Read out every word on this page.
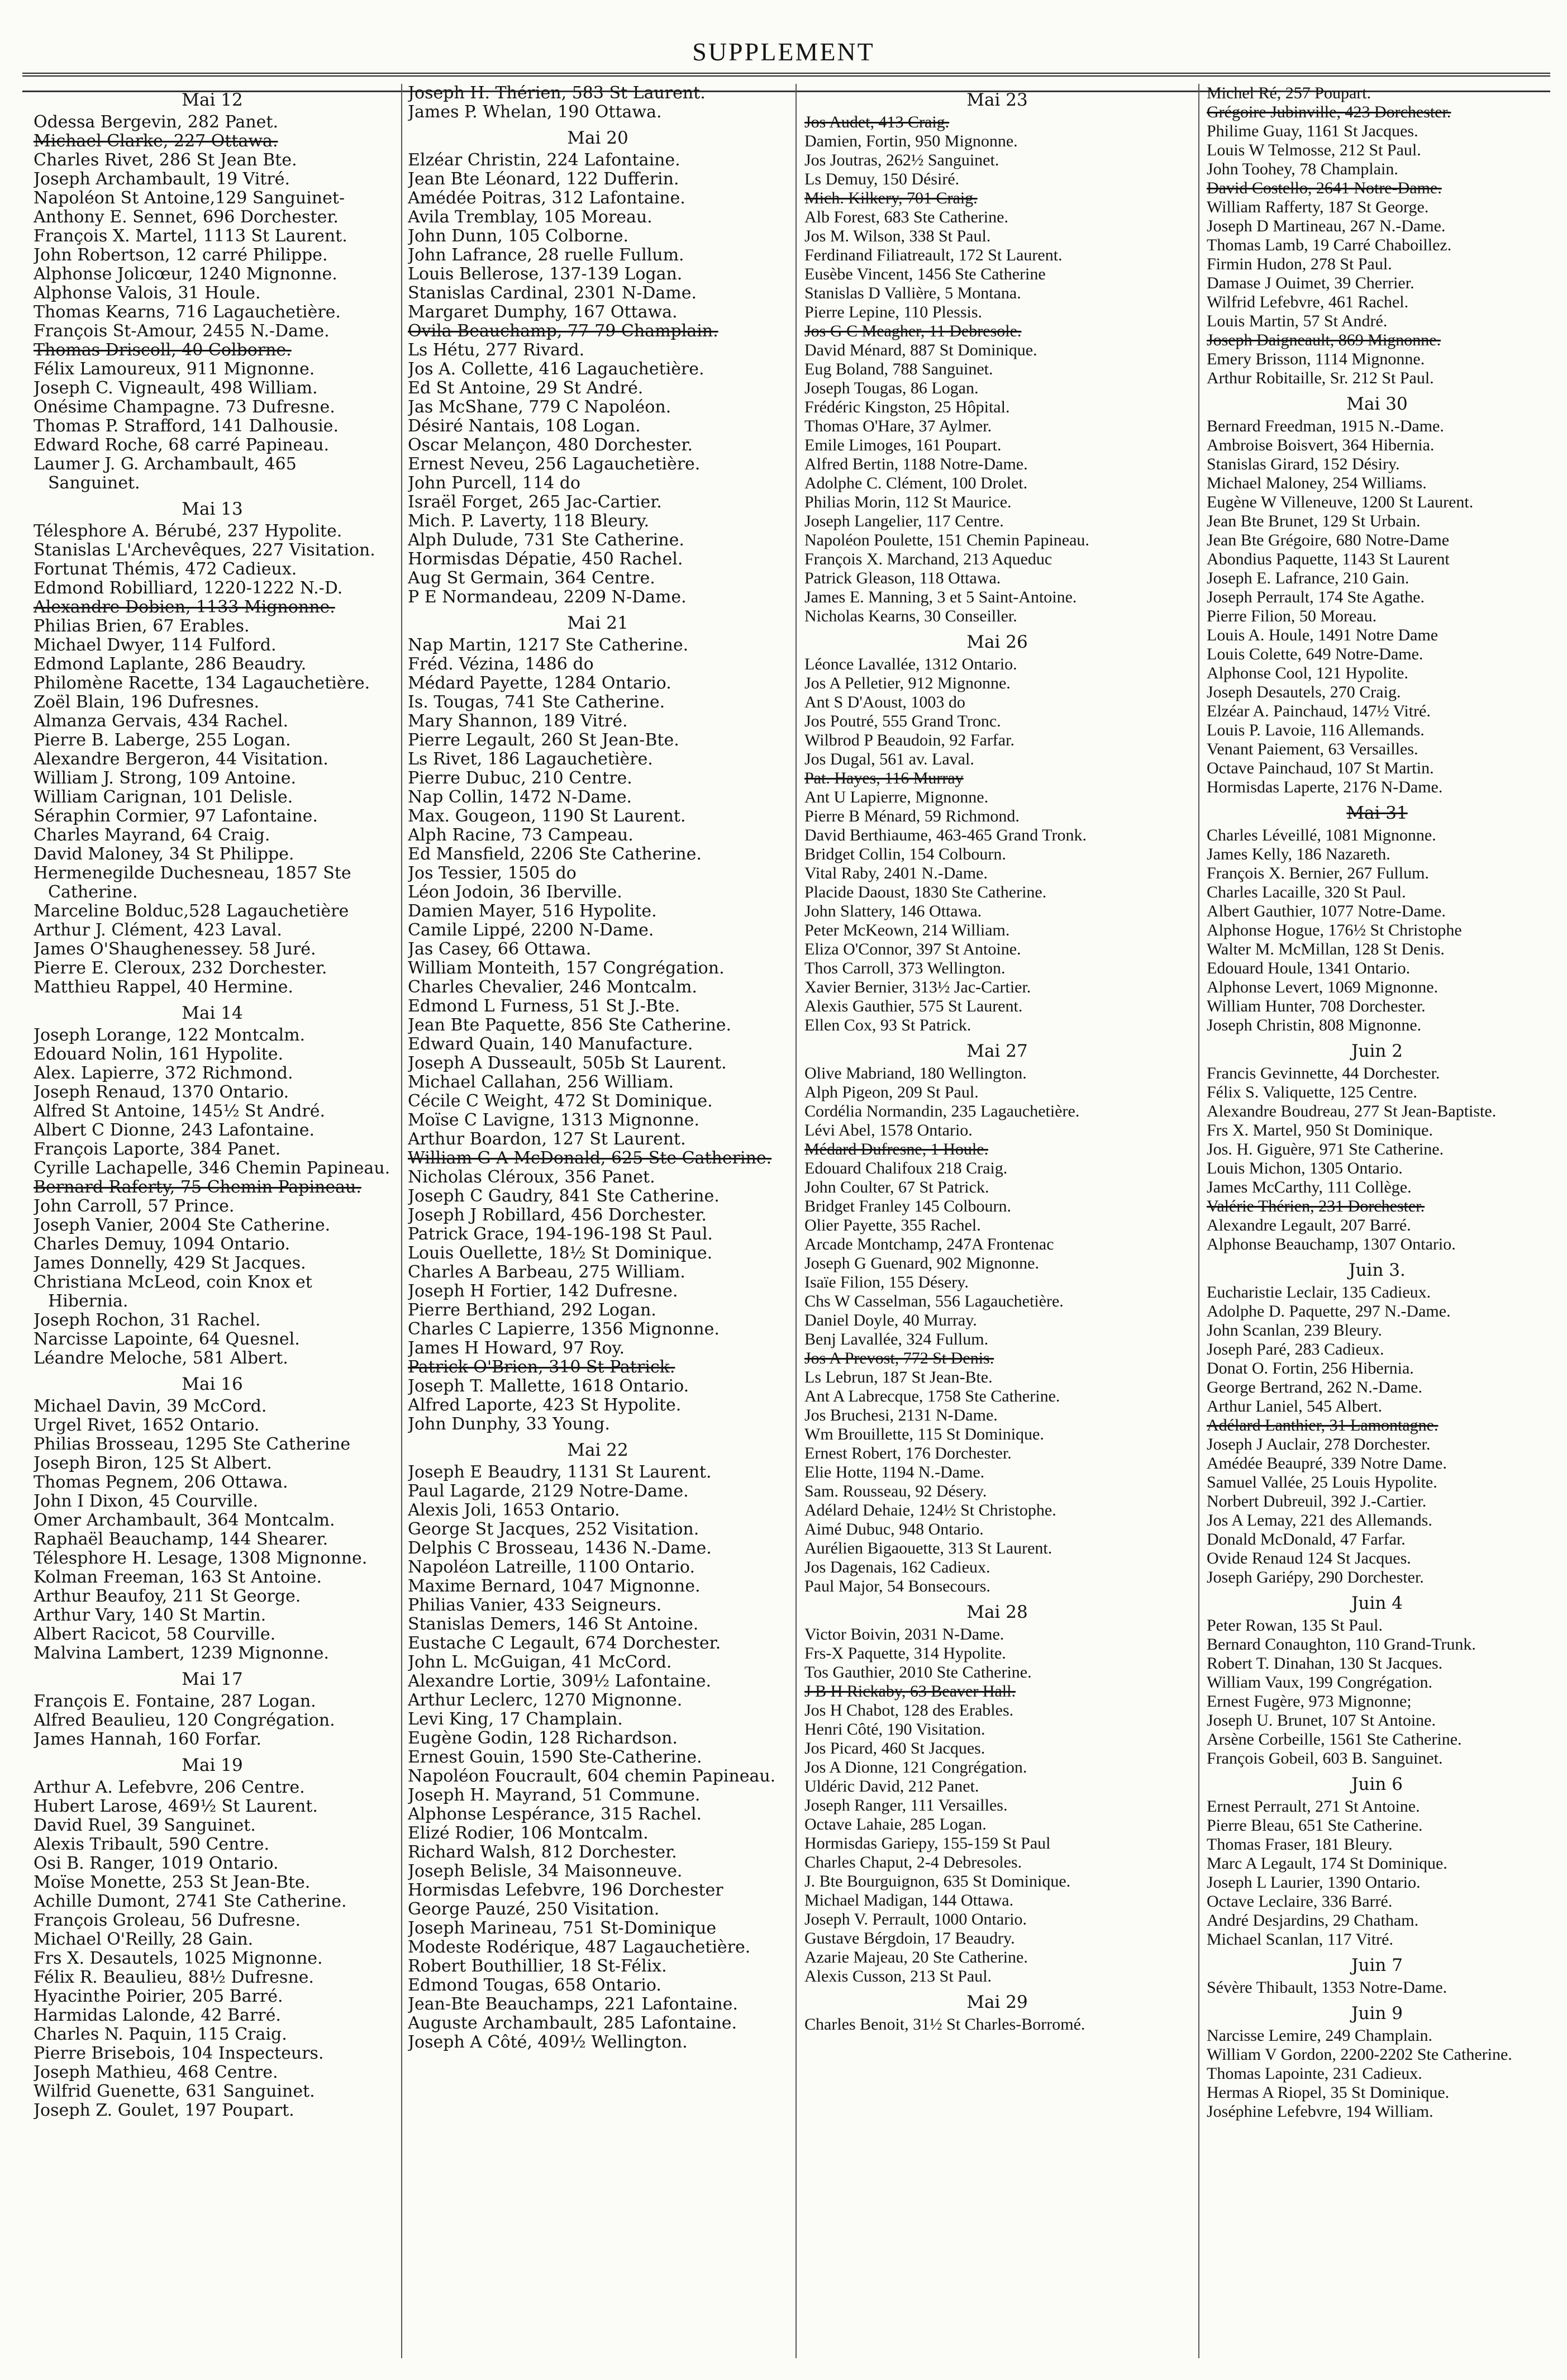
SUPPLEMENT
Mai 12
Odessa Bergevin, 282 Panet.
Michael Clarke, 227 Ottawa.
Charles Rivet, 286 St Jean Bte.
Joseph Archambault, 19 Vitré.
Napoléon St Antoine,129 Sanguinet-
Anthony E. Sennet, 696 Dorchester.
François X. Martel, 1113 St Laurent.
John Robertson, 12 carré Philippe.
Alphonse Jolicœur, 1240 Mignonne.
Alphonse Valois, 31 Houle.
Thomas Kearns, 716 Lagauchetière.
François St-Amour, 2455 N.-Dame.
Thomas Driscoll, 40 Colborne.
Félix Lamoureux, 911 Mignonne.
Joseph C. Vigneault, 498 William.
Onésime Champagne. 73 Dufresne.
Thomas P. Strafford, 141 Dalhousie.
Edward Roche, 68 carré Papineau.
Laumer J. G. Archambault, 465 Sanguinet.
Mai 13
Télesphore A. Bérubé, 237 Hypolite.
Stanislas L'Archevêques, 227 Visitation.
Fortunat Thémis, 472 Cadieux.
Edmond Robilliard, 1220-1222 N.-D.
Alexandre Dobien, 1133 Mignonne.
Philias Brien, 67 Erables.
Michael Dwyer, 114 Fulford.
Edmond Laplante, 286 Beaudry.
Philomène Racette, 134 Lagauchetière.
Zoël Blain, 196 Dufresnes.
Almanza Gervais, 434 Rachel.
Pierre B. Laberge, 255 Logan.
Alexandre Bergeron, 44 Visitation.
William J. Strong, 109 Antoine.
William Carignan, 101 Delisle.
Séraphin Cormier, 97 Lafontaine.
Charles Mayrand, 64 Craig.
David Maloney, 34 St Philippe.
Hermenegilde Duchesneau, 1857 Ste Catherine.
Marceline Bolduc,528 Lagauchetière
Arthur J. Clément, 423 Laval.
James O'Shaughenessey. 58 Juré.
Pierre E. Cleroux, 232 Dorchester.
Matthieu Rappel, 40 Hermine.
Mai 14
Joseph Lorange, 122 Montcalm.
Edouard Nolin, 161 Hypolite.
Alex. Lapierre, 372 Richmond.
Joseph Renaud, 1370 Ontario.
Alfred St Antoine, 145½ St André.
Albert C Dionne, 243 Lafontaine.
François Laporte, 384 Panet.
Cyrille Lachapelle, 346 Chemin Papineau.
Bernard Raferty, 75 Chemin Papineau.
John Carroll, 57 Prince.
Joseph Vanier, 2004 Ste Catherine.
Charles Demuy, 1094 Ontario.
James Donnelly, 429 St Jacques.
Christiana McLeod, coin Knox et Hibernia.
Joseph Rochon, 31 Rachel.
Narcisse Lapointe, 64 Quesnel.
Léandre Meloche, 581 Albert.
Mai 16
Michael Davin, 39 McCord.
Urgel Rivet, 1652 Ontario.
Philias Brosseau, 1295 Ste Catherine
Joseph Biron, 125 St Albert.
Thomas Pegnem, 206 Ottawa.
John I Dixon, 45 Courville.
Omer Archambault, 364 Montcalm.
Raphaël Beauchamp, 144 Shearer.
Télesphore H. Lesage, 1308 Mignonne.
Kolman Freeman, 163 St Antoine.
Arthur Beaufoy, 211 St George.
Arthur Vary, 140 St Martin.
Albert Racicot, 58 Courville.
Malvina Lambert, 1239 Mignonne.
Mai 17
François E. Fontaine, 287 Logan.
Alfred Beaulieu, 120 Congrégation.
James Hannah, 160 Forfar.
Mai 19
Arthur A. Lefebvre, 206 Centre.
Hubert Larose, 469½ St Laurent.
David Ruel, 39 Sanguinet.
Alexis Tribault, 590 Centre.
Osi B. Ranger, 1019 Ontario.
Moïse Monette, 253 St Jean-Bte.
Achille Dumont, 2741 Ste Catherine.
François Groleau, 56 Dufresne.
Michael O'Reilly, 28 Gain.
Frs X. Desautels, 1025 Mignonne.
Félix R. Beaulieu, 88½ Dufresne.
Hyacinthe Poirier, 205 Barré.
Harmidas Lalonde, 42 Barré.
Charles N. Paquin, 115 Craig.
Pierre Brisebois, 104 Inspecteurs.
Joseph Mathieu, 468 Centre.
Wilfrid Guenette, 631 Sanguinet.
Joseph Z. Goulet, 197 Poupart.
Joseph H. Thérien, 583 St Laurent.
James P. Whelan, 190 Ottawa.
Mai 20
Elzéar Christin, 224 Lafontaine.
Jean Bte Léonard, 122 Dufferin.
Amédée Poitras, 312 Lafontaine.
Avila Tremblay, 105 Moreau.
John Dunn, 105 Colborne.
John Lafrance, 28 ruelle Fullum.
Louis Bellerose, 137-139 Logan.
Stanislas Cardinal, 2301 N-Dame.
Margaret Dumphy, 167 Ottawa.
Ovila Beauchamp, 77-79 Champlain.
Ls Hétu, 277 Rivard.
Jos A. Collette, 416 Lagauchetière.
Ed St Antoine, 29 St André.
Jas McShane, 779 C Napoléon.
Désiré Nantais, 108 Logan.
Oscar Melançon, 480 Dorchester.
Ernest Neveu, 256 Lagauchetière.
John Purcell, 114 do
Israël Forget, 265 Jac-Cartier.
Mich. P. Laverty, 118 Bleury.
Alph Dulude, 731 Ste Catherine.
Hormisdas Dépatie, 450 Rachel.
Aug St Germain, 364 Centre.
P E Normandeau, 2209 N-Dame.
Mai 21
Nap Martin, 1217 Ste Catherine.
Fréd. Vézina, 1486 do
Médard Payette, 1284 Ontario.
Is. Tougas, 741 Ste Catherine.
Mary Shannon, 189 Vitré.
Pierre Legault, 260 St Jean-Bte.
Ls Rivet, 186 Lagauchetière.
Pierre Dubuc, 210 Centre.
Nap Collin, 1472 N-Dame.
Max. Gougeon, 1190 St Laurent.
Alph Racine, 73 Campeau.
Ed Mansfield, 2206 Ste Catherine.
Jos Tessier, 1505 do
Léon Jodoin, 36 Iberville.
Damien Mayer, 516 Hypolite.
Camile Lippé, 2200 N-Dame.
Jas Casey, 66 Ottawa.
William Monteith, 157 Congrégation.
Charles Chevalier, 246 Montcalm.
Edmond L Furness, 51 St J.-Bte.
Jean Bte Paquette, 856 Ste Catherine.
Edward Quain, 140 Manufacture.
Joseph A Dusseault, 505b St Laurent.
Michael Callahan, 256 William.
Cécile C Weight, 472 St Dominique.
Moïse C Lavigne, 1313 Mignonne.
Arthur Boardon, 127 St Laurent.
William G A McDonald, 625 Ste Catherine.
Nicholas Cléroux, 356 Panet.
Joseph C Gaudry, 841 Ste Catherine.
Joseph J Robillard, 456 Dorchester.
Patrick Grace, 194-196-198 St Paul.
Louis Ouellette, 18½ St Dominique.
Charles A Barbeau, 275 William.
Joseph H Fortier, 142 Dufresne.
Pierre Berthiand, 292 Logan.
Charles C Lapierre, 1356 Mignonne.
James H Howard, 97 Roy.
Patrick O'Brien, 310 St Patrick.
Joseph T. Mallette, 1618 Ontario.
Alfred Laporte, 423 St Hypolite.
John Dunphy, 33 Young.
Mai 22
Joseph E Beaudry, 1131 St Laurent.
Paul Lagarde, 2129 Notre-Dame.
Alexis Joli, 1653 Ontario.
George St Jacques, 252 Visitation.
Delphis C Brosseau, 1436 N.-Dame.
Napoléon Latreille, 1100 Ontario.
Maxime Bernard, 1047 Mignonne.
Philias Vanier, 433 Seigneurs.
Stanislas Demers, 146 St Antoine.
Eustache C Legault, 674 Dorchester.
John L. McGuigan, 41 McCord.
Alexandre Lortie, 309½ Lafontaine.
Arthur Leclerc, 1270 Mignonne.
Levi King, 17 Champlain.
Eugène Godin, 128 Richardson.
Ernest Gouin, 1590 Ste-Catherine.
Napoléon Foucrault, 604 chemin Papineau.
Joseph H. Mayrand, 51 Commune.
Alphonse Lespérance, 315 Rachel.
Elizé Rodier, 106 Montcalm.
Richard Walsh, 812 Dorchester.
Joseph Belisle, 34 Maisonneuve.
Hormisdas Lefebvre, 196 Dorchester
George Pauzé, 250 Visitation.
Joseph Marineau, 751 St-Dominique
Modeste Rodérique, 487 Lagauchetière.
Robert Bouthillier, 18 St-Félix.
Edmond Tougas, 658 Ontario.
Jean-Bte Beauchamps, 221 Lafontaine.
Auguste Archambault, 285 Lafontaine.
Joseph A Côté, 409½ Wellington.
Mai 23
Jos Audet, 413 Craig.
Damien, Fortin, 950 Mignonne.
Jos Joutras, 262½ Sanguinet.
Ls Demuy, 150 Désiré.
Mich. Kilkery, 701 Craig.
Alb Forest, 683 Ste Catherine.
Jos M. Wilson, 338 St Paul.
Ferdinand Filiatreault, 172 St Laurent.
Eusèbe Vincent, 1456 Ste Catherine
Stanislas D Vallière, 5 Montana.
Pierre Lepine, 110 Plessis.
Jos G C Meagher, 11 Debresole.
David Ménard, 887 St Dominique.
Eug Boland, 788 Sanguinet.
Joseph Tougas, 86 Logan.
Frédéric Kingston, 25 Hôpital.
Thomas O'Hare, 37 Aylmer.
Emile Limoges, 161 Poupart.
Alfred Bertin, 1188 Notre-Dame.
Adolphe C. Clément, 100 Drolet.
Philias Morin, 112 St Maurice.
Joseph Langelier, 117 Centre.
Napoléon Poulette, 151 Chemin Papineau.
François X. Marchand, 213 Aqueduc
Patrick Gleason, 118 Ottawa.
James E. Manning, 3 et 5 Saint-Antoine.
Nicholas Kearns, 30 Conseiller.
Mai 26
Léonce Lavallée, 1312 Ontario.
Jos A Pelletier, 912 Mignonne.
Ant S D'Aoust, 1003 do
Jos Poutré, 555 Grand Tronc.
Wilbrod P Beaudoin, 92 Farfar.
Jos Dugal, 561 av. Laval.
Pat. Hayes, 116 Murray
Ant U Lapierre, Mignonne.
Pierre B Ménard, 59 Richmond.
David Berthiaume, 463-465 Grand Tronk.
Bridget Collin, 154 Colbourn.
Vital Raby, 2401 N.-Dame.
Placide Daoust, 1830 Ste Catherine.
John Slattery, 146 Ottawa.
Peter McKeown, 214 William.
Eliza O'Connor, 397 St Antoine.
Thos Carroll, 373 Wellington.
Xavier Bernier, 313½ Jac-Cartier.
Alexis Gauthier, 575 St Laurent.
Ellen Cox, 93 St Patrick.
Mai 27
Olive Mabriand, 180 Wellington.
Alph Pigeon, 209 St Paul.
Cordélia Normandin, 235 Lagauchetière.
Lévi Abel, 1578 Ontario.
Médard Dufresne, 1 Houle.
Edouard Chalifoux 218 Craig.
John Coulter, 67 St Patrick.
Bridget Franley 145 Colbourn.
Olier Payette, 355 Rachel.
Arcade Montchamp, 247A Frontenac
Joseph G Guenard, 902 Mignonne.
Isaïe Filion, 155 Désery.
Chs W Casselman, 556 Lagauchetière.
Daniel Doyle, 40 Murray.
Benj Lavallée, 324 Fullum.
Jos A Prevost, 772 St Denis.
Ls Lebrun, 187 St Jean-Bte.
Ant A Labrecque, 1758 Ste Catherine.
Jos Bruchesi, 2131 N-Dame.
Wm Brouillette, 115 St Dominique.
Ernest Robert, 176 Dorchester.
Elie Hotte, 1194 N.-Dame.
Sam. Rousseau, 92 Désery.
Adélard Dehaie, 124½ St Christophe.
Aimé Dubuc, 948 Ontario.
Aurélien Bigaouette, 313 St Laurent.
Jos Dagenais, 162 Cadieux.
Paul Major, 54 Bonsecours.
Mai 28
Victor Boivin, 2031 N-Dame.
Frs-X Paquette, 314 Hypolite.
Tos Gauthier, 2010 Ste Catherine.
J B H Rickaby, 63 Beaver Hall.
Jos H Chabot, 128 des Erables.
Henri Côté, 190 Visitation.
Jos Picard, 460 St Jacques.
Jos A Dionne, 121 Congrégation.
Uldéric David, 212 Panet.
Joseph Ranger, 111 Versailles.
Octave Lahaie, 285 Logan.
Hormisdas Gariepy, 155-159 St Paul
Charles Chaput, 2-4 Debresoles.
J. Bte Bourguignon, 635 St Dominique.
Michael Madigan, 144 Ottawa.
Joseph V. Perrault, 1000 Ontario.
Gustave Bérgdoin, 17 Beaudry.
Azarie Majeau, 20 Ste Catherine.
Alexis Cusson, 213 St Paul.
Mai 29
Charles Benoit, 31½ St Charles-Borromé.
Michel Ré, 257 Poupart.
Grégoire Jubinville, 423 Dorchester.
Philime Guay, 1161 St Jacques.
Louis W Telmosse, 212 St Paul.
John Toohey, 78 Champlain.
David Costello, 2641 Notre-Dame.
William Rafferty, 187 St George.
Joseph D Martineau, 267 N.-Dame.
Thomas Lamb, 19 Carré Chaboillez.
Firmin Hudon, 278 St Paul.
Damase J Ouimet, 39 Cherrier.
Wilfrid Lefebvre, 461 Rachel.
Louis Martin, 57 St André.
Joseph Daigneault, 869 Mignonne.
Emery Brisson, 1114 Mignonne.
Arthur Robitaille, Sr. 212 St Paul.
Mai 30
Bernard Freedman, 1915 N.-Dame.
Ambroise Boisvert, 364 Hibernia.
Stanislas Girard, 152 Désiry.
Michael Maloney, 254 Williams.
Eugène W Villeneuve, 1200 St Laurent.
Jean Bte Brunet, 129 St Urbain.
Jean Bte Grégoire, 680 Notre-Dame
Abondius Paquette, 1143 St Laurent
Joseph E. Lafrance, 210 Gain.
Joseph Perrault, 174 Ste Agathe.
Pierre Filion, 50 Moreau.
Louis A. Houle, 1491 Notre Dame
Louis Colette, 649 Notre-Dame.
Alphonse Cool, 121 Hypolite.
Joseph Desautels, 270 Craig.
Elzéar A. Painchaud, 147½ Vitré.
Louis P. Lavoie, 116 Allemands.
Venant Paiement, 63 Versailles.
Octave Painchaud, 107 St Martin.
Hormisdas Laperte, 2176 N-Dame.
Mai 31
Charles Léveillé, 1081 Mignonne.
James Kelly, 186 Nazareth.
François X. Bernier, 267 Fullum.
Charles Lacaille, 320 St Paul.
Albert Gauthier, 1077 Notre-Dame.
Alphonse Hogue, 176½ St Christophe
Walter M. McMillan, 128 St Denis.
Edouard Houle, 1341 Ontario.
Alphonse Levert, 1069 Mignonne.
William Hunter, 708 Dorchester.
Joseph Christin, 808 Mignonne.
Juin 2
Francis Gevinnette, 44 Dorchester.
Félix S. Valiquette, 125 Centre.
Alexandre Boudreau, 277 St Jean-Baptiste.
Frs X. Martel, 950 St Dominique.
Jos. H. Giguère, 971 Ste Catherine.
Louis Michon, 1305 Ontario.
James McCarthy, 111 Collège.
Valérie Thérien, 231 Dorchester.
Alexandre Legault, 207 Barré.
Alphonse Beauchamp, 1307 Ontario.
Juin 3.
Eucharistie Leclair, 135 Cadieux.
Adolphe D. Paquette, 297 N.-Dame.
John Scanlan, 239 Bleury.
Joseph Paré, 283 Cadieux.
Donat O. Fortin, 256 Hibernia.
George Bertrand, 262 N.-Dame.
Arthur Laniel, 545 Albert.
Adélard Lanthier, 31 Lamontagne.
Joseph J Auclair, 278 Dorchester.
Amédée Beaupré, 339 Notre Dame.
Samuel Vallée, 25 Louis Hypolite.
Norbert Dubreuil, 392 J.-Cartier.
Jos A Lemay, 221 des Allemands.
Donald McDonald, 47 Farfar.
Ovide Renaud 124 St Jacques.
Joseph Gariépy, 290 Dorchester.
Juin 4
Peter Rowan, 135 St Paul.
Bernard Conaughton, 110 Grand-Trunk.
Robert T. Dinahan, 130 St Jacques.
William Vaux, 199 Congrégation.
Ernest Fugère, 973 Mignonne;
Joseph U. Brunet, 107 St Antoine.
Arsène Corbeille, 1561 Ste Catherine.
François Gobeil, 603 B. Sanguinet.
Juin 6
Ernest Perrault, 271 St Antoine.
Pierre Bleau, 651 Ste Catherine.
Thomas Fraser, 181 Bleury.
Marc A Legault, 174 St Dominique.
Joseph L Laurier, 1390 Ontario.
Octave Leclaire, 336 Barré.
André Desjardins, 29 Chatham.
Michael Scanlan, 117 Vitré.
Juin 7
Sévère Thibault, 1353 Notre-Dame.
Juin 9
Narcisse Lemire, 249 Champlain.
William V Gordon, 2200-2202 Ste Catherine.
Thomas Lapointe, 231 Cadieux.
Hermas A Riopel, 35 St Dominique.
Joséphine Lefebvre, 194 William.
